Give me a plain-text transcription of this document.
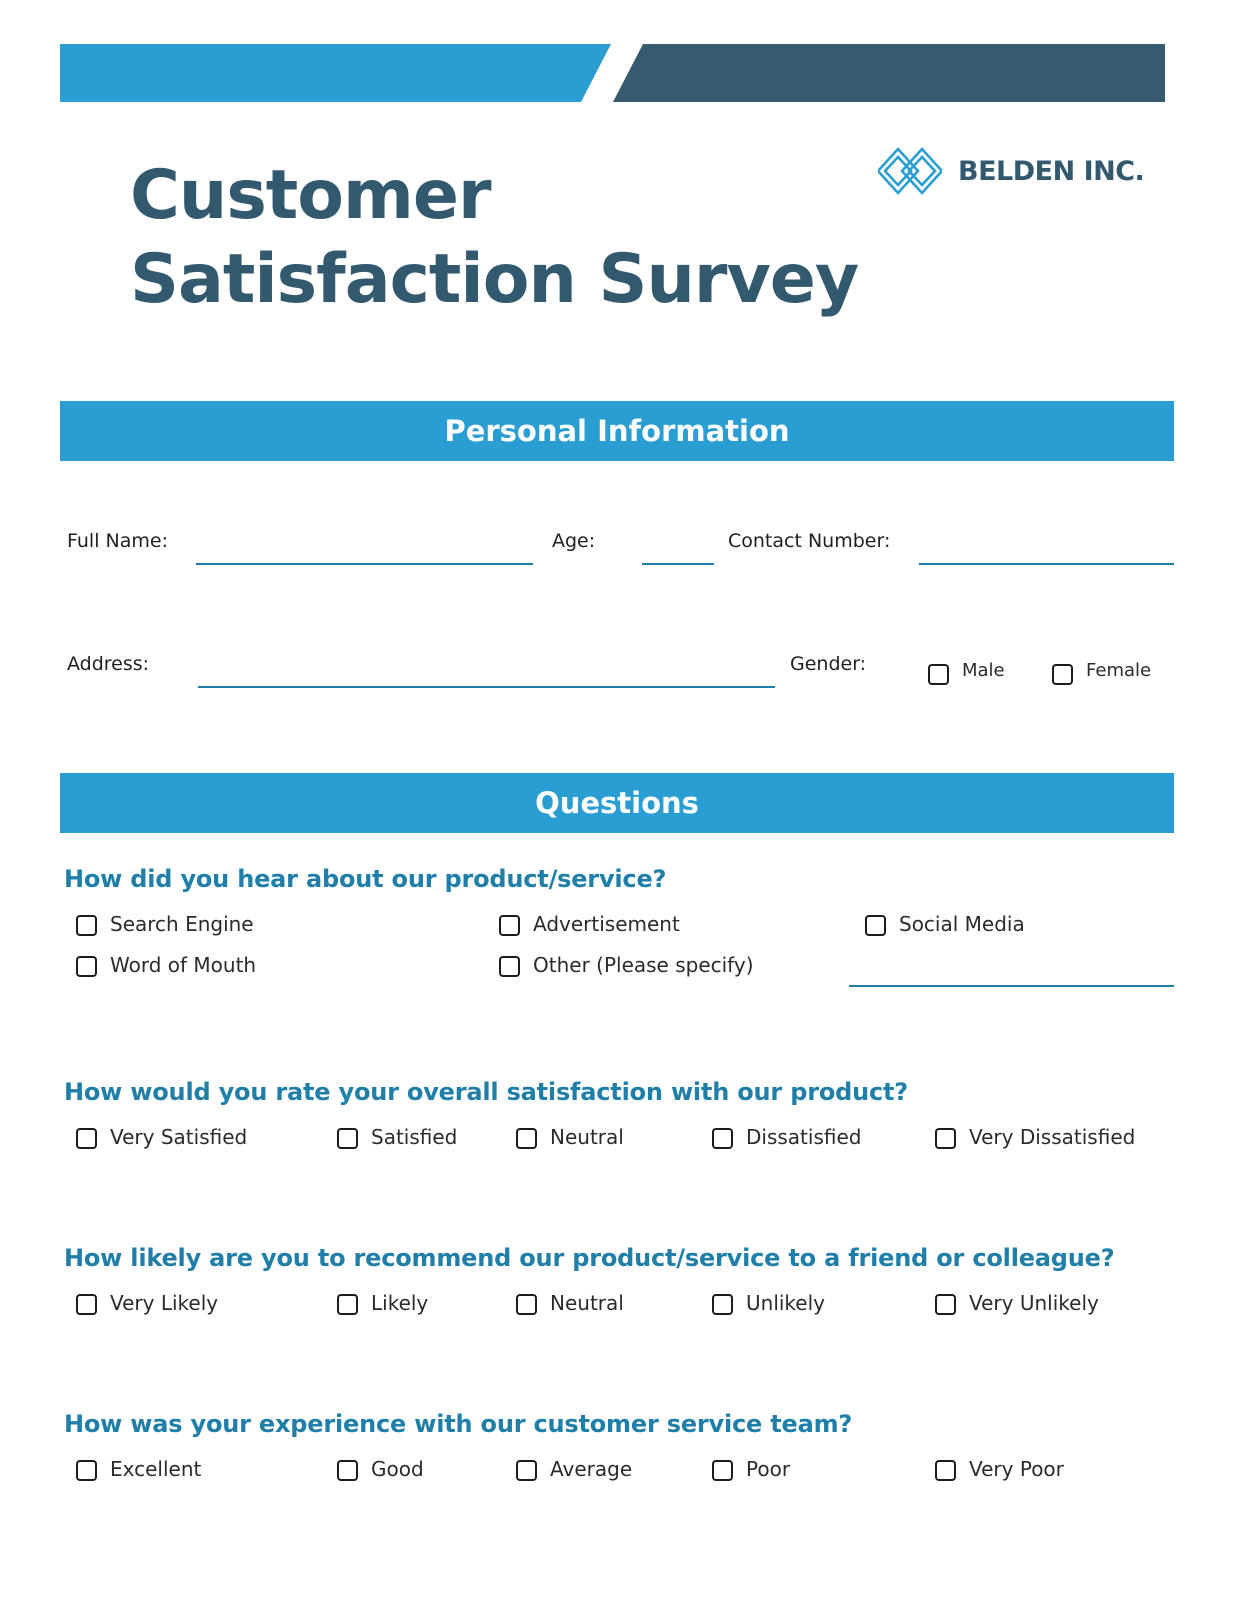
Customer
Satisfaction Survey
BELDEN INC.
Personal Information
Full Name:	Age:	Contact Number:
Address:	Gender:	Male	Female
Questions
How did you hear about our product/service?
Search Engine	Advertisement	Social Media
Word of Mouth	Other (Please specify)
How would you rate your overall satisfaction with our product?
Very Satisfied	Satisfied	Neutral	Dissatisfied	Very Dissatisfied
How likely are you to recommend our product/service to a friend or colleague?
Very Likely	Likely	Neutral	Unlikely	Very Unlikely
How was your experience with our customer service team?
Excellent	Good	Average	Poor	Very Poor
